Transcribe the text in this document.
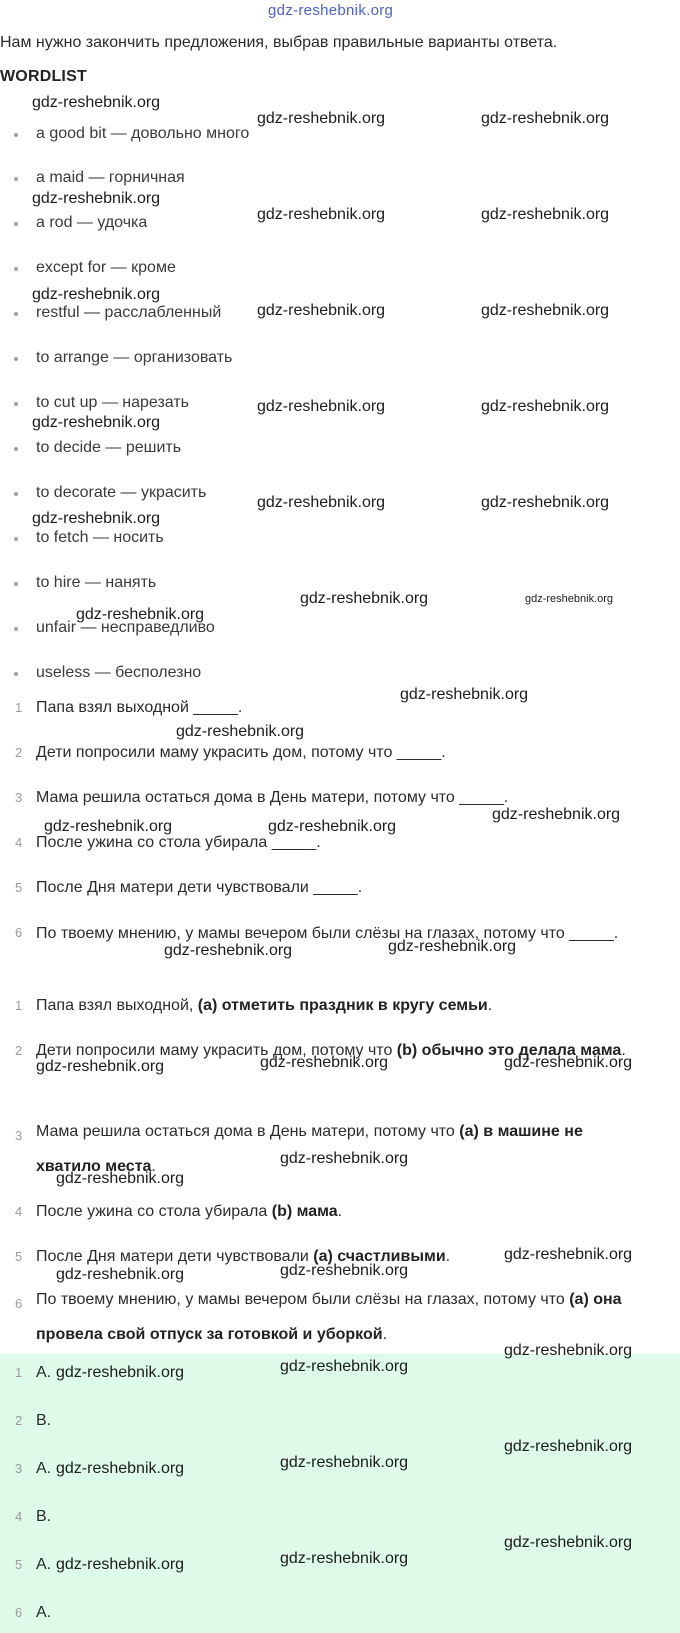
gdz-reshebnik.org
Нам нужно закончить предложения, выбрав правильные варианты ответа.
WORDLIST
a good bit — довольно много
a maid — горничная
a rod — удочка
except for — кроме
restful — расслабленный
to arrange — организовать
to cut up — нарезать
to decide — решить
to decorate — украсить
to fetch — носить
to hire — нанять
unfair — несправедливо
useless — бесполезно
1 Папа взял выходной _____.
2 Дети попросили маму украсить дом, потому что _____.
3 Мама решила остаться дома в День матери, потому что _____.
4 После ужина со стола убирала _____.
5 После Дня матери дети чувствовали _____.
6 По твоему мнению, у мамы вечером были слёзы на глазах, потому что _____.
1 Папа взял выходной, (a) отметить праздник в кругу семьи.
2 Дети попросили маму украсить дом, потому что (b) обычно это делала мама.
3 Мама решила остаться дома в День матери, потому что (a) в машине не хватило места.
4 После ужина со стола убирала (b) мама.
5 После Дня матери дети чувствовали (a) счастливыми.
6 По твоему мнению, у мамы вечером были слёзы на глазах, потому что (a) она провела свой отпуск за готовкой и уборкой.
1 A.
2 B.
3 A.
4 B.
5 A.
6 A.
gdz-reshebnik.org
gdz-reshebnik.org	gdz-reshebnik.org
gdz-reshebnik.org
gdz-reshebnik.org	gdz-reshebnik.org
gdz-reshebnik.org
gdz-reshebnik.org	gdz-reshebnik.org
gdz-reshebnik.org
gdz-reshebnik.org	gdz-reshebnik.org
gdz-reshebnik.org
gdz-reshebnik.org	gdz-reshebnik.org
gdz-reshebnik.org
gdz-reshebnik.org	gdz-reshebnik.org
gdz-reshebnik.org
gdz-reshebnik.org
gdz-reshebnik.org
gdz-reshebnik.org	gdz-reshebnik.org
gdz-reshebnik.org	gdz-reshebnik.org
gdz-reshebnik.org	gdz-reshebnik.org	gdz-reshebnik.org
gdz-reshebnik.org
gdz-reshebnik.org
gdz-reshebnik.org
gdz-reshebnik.org	gdz-reshebnik.org
gdz-reshebnik.org
gdz-reshebnik.org	gdz-reshebnik.org
gdz-reshebnik.org
gdz-reshebnik.org	gdz-reshebnik.org
gdz-reshebnik.org
gdz-reshebnik.org	gdz-reshebnik.org
